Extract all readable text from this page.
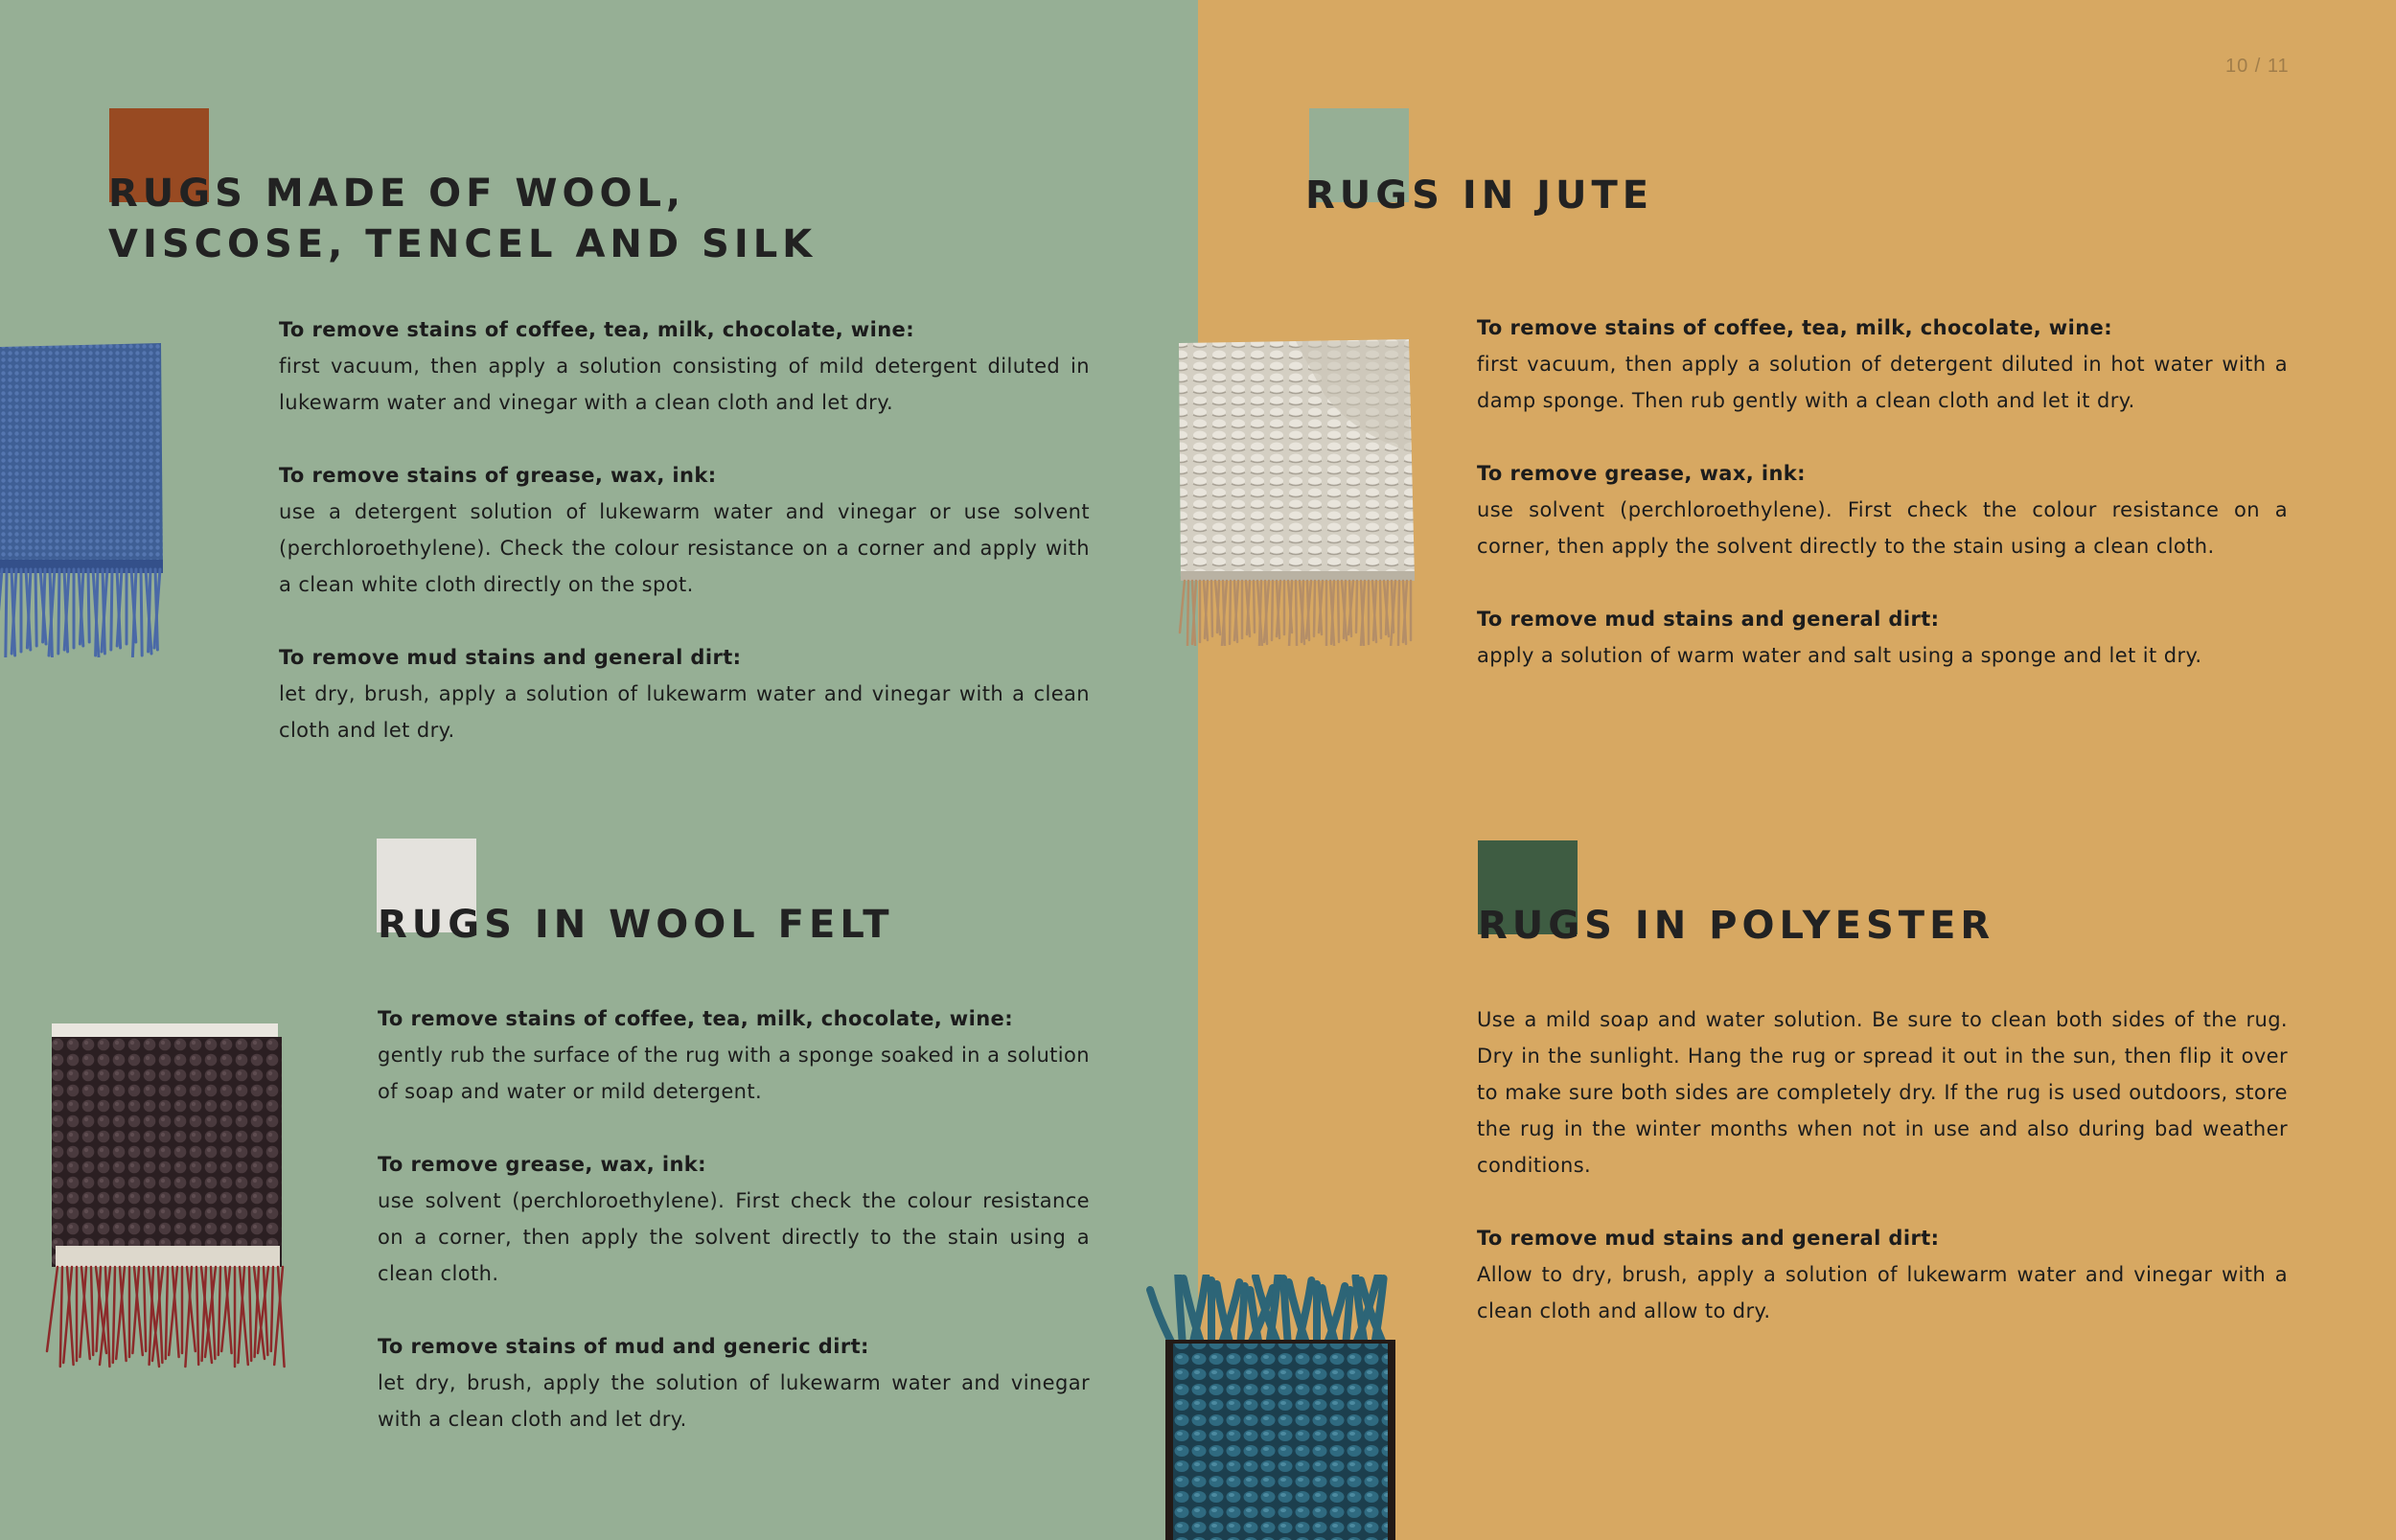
10 / 11
RUGS MADE OF WOOL,
VISCOSE, TENCEL AND SILK

To remove stains of coffee, tea, milk, chocolate, wine:
first vacuum, then apply a solution consisting of mild detergent diluted in lukewarm water and vinegar with a clean cloth and let dry.

To remove stains of grease, wax, ink:
use a detergent solution of lukewarm water and vinegar or use solvent (perchloroethylene). Check the colour resistance on a corner and apply with a clean white cloth directly on the spot.

To remove mud stains and general dirt:
let dry, brush, apply a solution of lukewarm water and vinegar with a clean cloth and let dry.

RUGS IN JUTE

To remove stains of coffee, tea, milk, chocolate, wine:
first vacuum, then apply a solution of detergent diluted in hot water with a damp sponge. Then rub gently with a clean cloth and let it dry.

To remove grease, wax, ink:
use solvent (perchloroethylene). First check the colour resistance on a corner, then apply the solvent directly to the stain using a clean cloth.

To remove mud stains and general dirt:
apply a solution of warm water and salt using a sponge and let it dry.

RUGS IN WOOL FELT

To remove stains of coffee, tea, milk, chocolate, wine:
gently rub the surface of the rug with a sponge soaked in a solution of soap and water or mild detergent.

To remove grease, wax, ink:
use solvent (perchloroethylene). First check the colour resistance on a corner, then apply the solvent directly to the stain using a clean cloth.

To remove stains of mud and generic dirt:
let dry, brush, apply the solution of lukewarm water and vinegar with a clean cloth and let dry.

RUGS IN POLYESTER

Use a mild soap and water solution. Be sure to clean both sides of the rug. Dry in the sunlight. Hang the rug or spread it out in the sun, then flip it over to make sure both sides are completely dry. If the rug is used outdoors, store the rug in the winter months when not in use and also during bad weather conditions.

To remove mud stains and general dirt:
Allow to dry, brush, apply a solution of lukewarm water and vinegar with a clean cloth and allow to dry.
